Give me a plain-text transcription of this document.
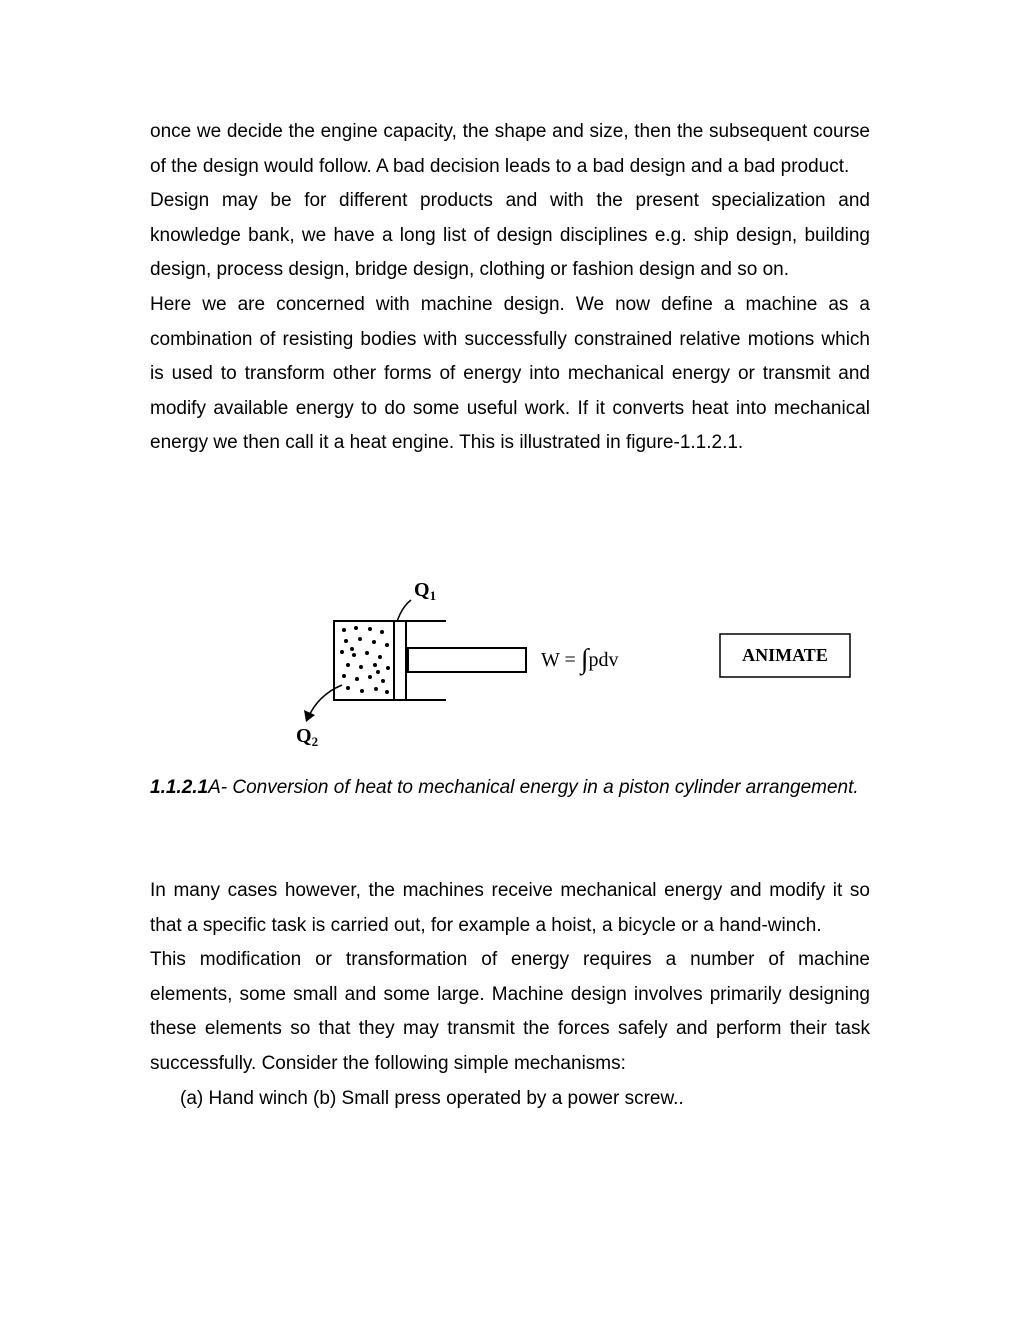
once we decide the engine capacity, the shape and size, then the subsequent course of the design would follow. A bad decision leads to a bad design and a bad product.

Design may be for different products and with the present specialization and knowledge bank, we have a long list of design disciplines e.g. ship design, building design, process design, bridge design, clothing or fashion design and so on.

Here we are concerned with machine design. We now define a machine as a combination of resisting bodies with successfully constrained relative motions which is used to transform other forms of energy into mechanical energy or transmit and modify available energy to do some useful work. If it converts heat into mechanical energy we then call it a heat engine. This is illustrated in figure-1.1.2.1.

$Q_1$
$Q_2$
W = ∫pdv	ANIMATE

1.1.2.1A- Conversion of heat to mechanical energy in a piston cylinder arrangement.

In many cases however, the machines receive mechanical energy and modify it so that a specific task is carried out, for example a hoist, a bicycle or a hand-winch.

This modification or transformation of energy requires a number of machine elements, some small and some large. Machine design involves primarily designing these elements so that they may transmit the forces safely and perform their task successfully. Consider the following simple mechanisms:

(a) Hand winch (b) Small press operated by a power screw..
